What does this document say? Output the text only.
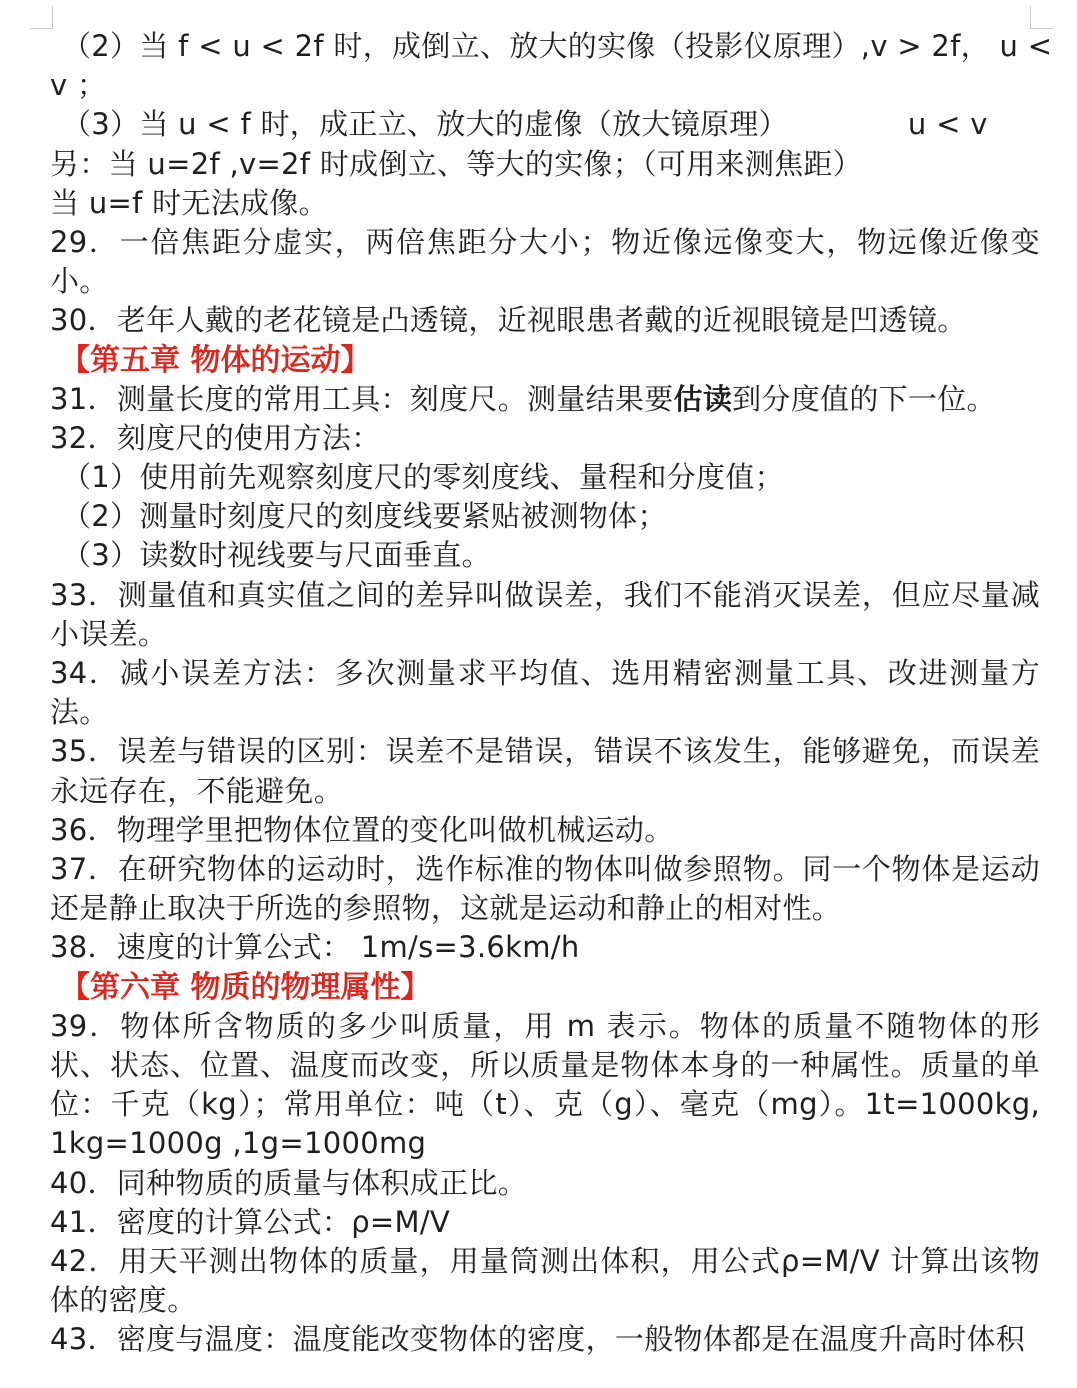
（2）当 f < u < 2f 时，成倒立、放大的实像（投影仪原理）,v > 2f， u <
v ；
（3）当 u < f 时，成正立、放大的虚像（放大镜原理）	u < v
另：当 u=2f ,v=2f 时成倒立、等大的实像；（可用来测焦距）
当 u=f 时无法成像。
29．一倍焦距分虚实，两倍焦距分大小；物近像远像变大，物远像近像变小。
30．老年人戴的老花镜是凸透镜，近视眼患者戴的近视眼镜是凹透镜。
【第五章 物体的运动】
31．测量长度的常用工具：刻度尺。测量结果要估读到分度值的下一位。
32．刻度尺的使用方法：
（1）使用前先观察刻度尺的零刻度线、量程和分度值；
（2）测量时刻度尺的刻度线要紧贴被测物体；
（3）读数时视线要与尺面垂直。
33．测量值和真实值之间的差异叫做误差，我们不能消灭误差，但应尽量减小误差。
34．减小误差方法：多次测量求平均值、选用精密测量工具、改进测量方法。
35．误差与错误的区别：误差不是错误，错误不该发生，能够避免，而误差永远存在，不能避免。
36．物理学里把物体位置的变化叫做机械运动。
37．在研究物体的运动时，选作标准的物体叫做参照物。同一个物体是运动还是静止取决于所选的参照物，这就是运动和静止的相对性。
38．速度的计算公式： 1m/s=3.6km/h
【第六章 物质的物理属性】
39．物体所含物质的多少叫质量，用 m 表示。物体的质量不随物体的形状、状态、位置、温度而改变，所以质量是物体本身的一种属性。质量的单位：千克（kg）；常用单位：吨（t）、克（g）、毫克（mg）。1t=1000kg, 1kg=1000g ,1g=1000mg
40．同种物质的质量与体积成正比。
41．密度的计算公式：ρ=M/V
42．用天平测出物体的质量，用量筒测出体积，用公式ρ=M/V 计算出该物体的密度。
43．密度与温度：温度能改变物体的密度，一般物体都是在温度升高时体积
